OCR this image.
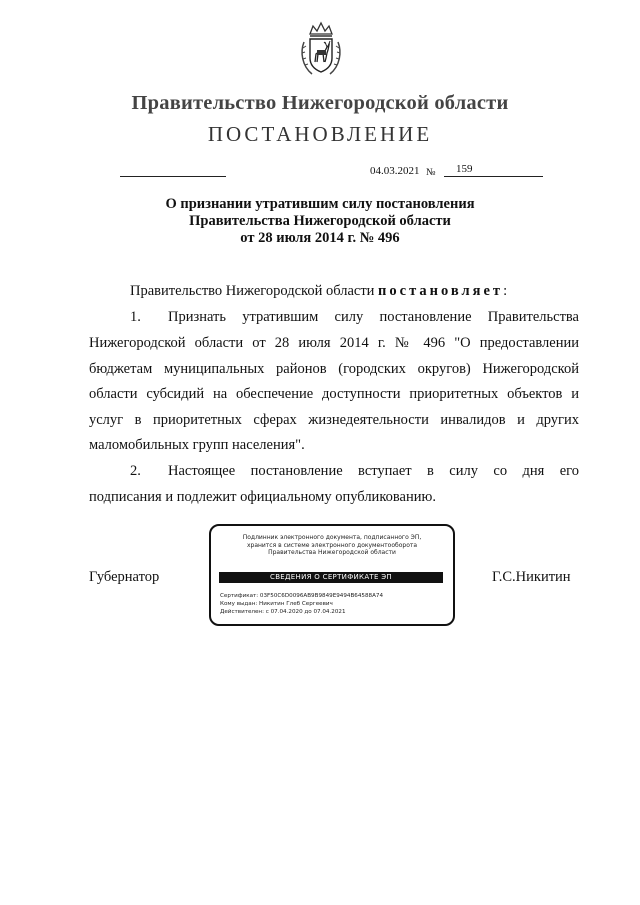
Правительство Нижегородской области
ПОСТАНОВЛЕНИЕ
04.03.2021 № 159
О признании утратившим силу постановления
Правительства Нижегородской области
от 28 июля 2014 г. № 496
Правительство Нижегородской области постановляет:
1.	Признать утратившим силу постановление Правительства
Нижегородской области от 28 июля 2014 г. № 496 "О предоставлении
бюджетам муниципальных районов (городских округов) Нижегородской
области субсидий на обеспечение доступности приоритетных объектов и
услуг в приоритетных сферах жизнедеятельности инвалидов и других
маломобильных групп населения".
2.	Настоящее постановление вступает в силу со дня его
подписания и подлежит официальному опубликованию.
Губернатор	Г.С.Никитин
Подлинник электронного документа, подписанного ЭП,
хранится в системе электронного документооборота
Правительства Нижегородской области
СВЕДЕНИЯ О СЕРТИФИКАТЕ ЭП
Сертификат: 03F50C6D0096AB9B9849E9494B64588A74
Кому выдан: Никитин Глеб Сергеевич
Действителен: с 07.04.2020 до 07.04.2021
